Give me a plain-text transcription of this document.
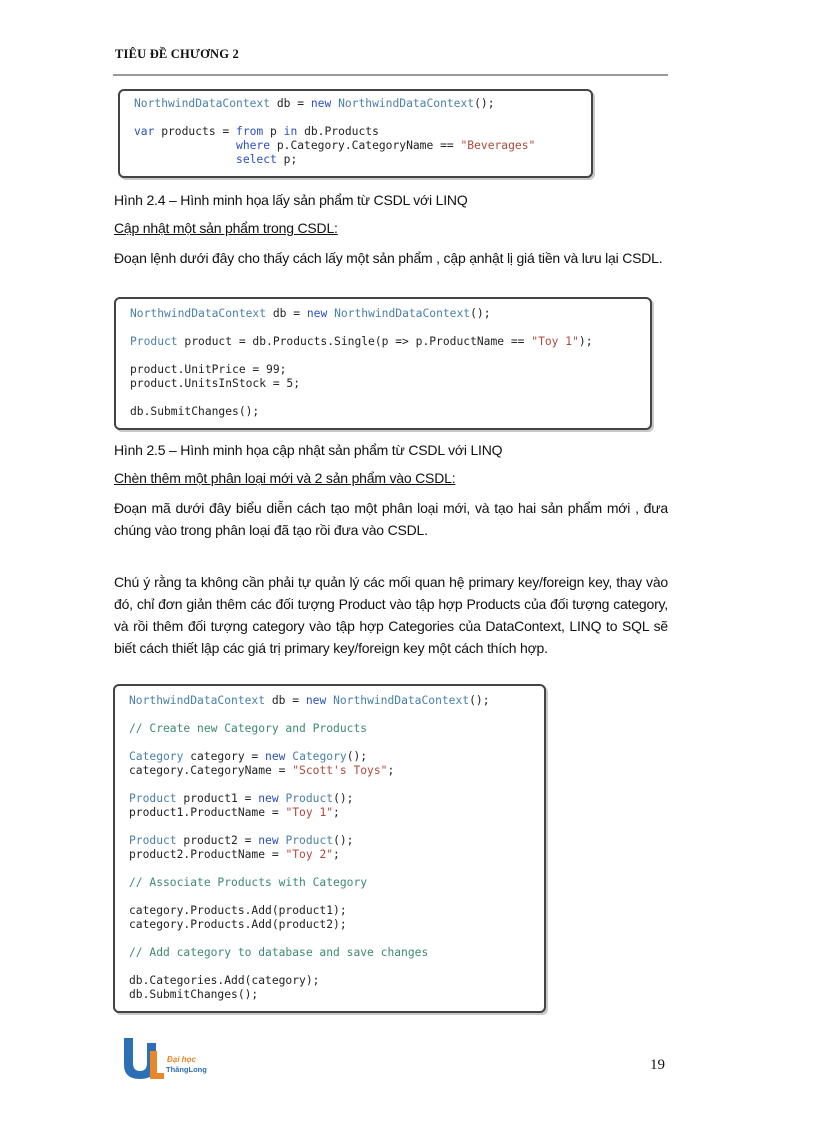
TIÊU ĐỀ CHƯƠNG 2
NorthwindDataContext db = new NorthwindDataContext();
var products = from p in db.Products
where p.Category.CategoryName == "Beverages"
select p;
Hình 2.4 – Hình minh họa lấy sản phẩm từ CSDL với LINQ
Cập nhật một sản phẩm trong CSDL:
Đoạn lệnh dưới đây cho thấy cách lấy một sản phẩm , cập ạnhật lị giá tiền và lưu lại CSDL.
NorthwindDataContext db = new NorthwindDataContext();
Product product = db.Products.Single(p => p.ProductName == "Toy 1");
product.UnitPrice = 99;
product.UnitsInStock = 5;
db.SubmitChanges();
Hình 2.5 – Hình minh họa cập nhật sản phẩm từ CSDL với LINQ
Chèn thêm một phân loại mới và 2 sản phẩm vào CSDL:
Đoạn mã dưới đây biểu diễn cách tạo một phân loại mới, và tạo hai sản phẩm mới , đưa chúng vào trong phân loại đã tạo rồi đưa vào CSDL.
Chú ý rằng ta không cần phải tự quản lý các mối quan hệ primary key/foreign key, thay vào đó, chỉ đơn giản thêm các đối tượng Product vào tập hợp Products của đối tượng category, và rồi thêm đối tượng category vào tập hợp Categories của DataContext, LINQ to SQL sẽ biết cách thiết lập các giá trị primary key/foreign key một cách thích hợp.
NorthwindDataContext db = new NorthwindDataContext();
// Create new Category and Products
Category category = new Category();
category.CategoryName = "Scott's Toys";
Product product1 = new Product();
product1.ProductName = "Toy 1";
Product product2 = new Product();
product2.ProductName = "Toy 2";
// Associate Products with Category
category.Products.Add(product1);
category.Products.Add(product2);
// Add category to database and save changes
db.Categories.Add(category);
db.SubmitChanges();
Đại học
ThăngLong	19
